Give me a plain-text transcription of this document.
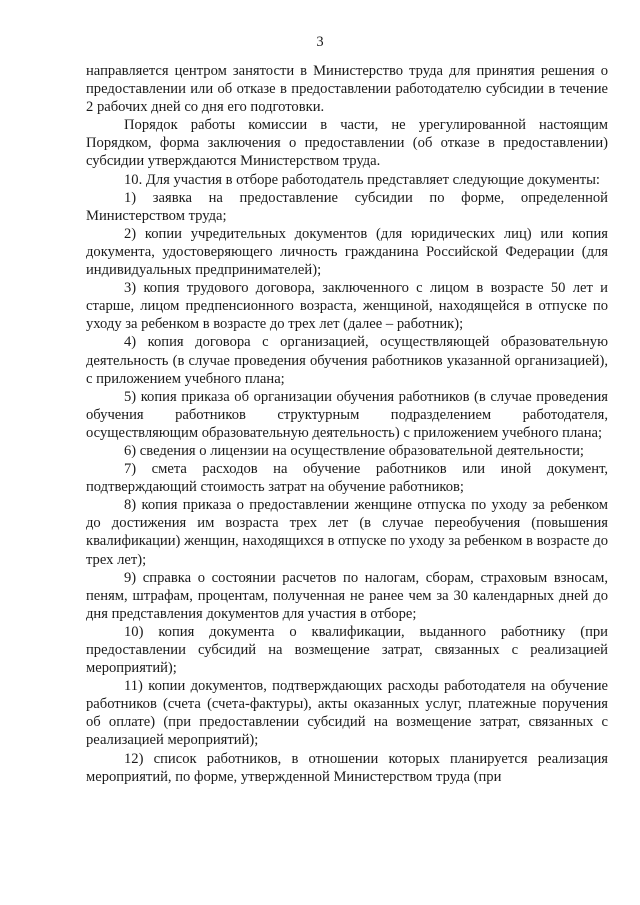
3

направляется центром занятости в Министерство труда для принятия решения о предоставлении или об отказе в предоставлении работодателю субсидии в течение 2 рабочих дней со дня его подготовки.

Порядок работы комиссии в части, не урегулированной настоящим Порядком, форма заключения о предоставлении (об отказе в предоставлении) субсидии утверждаются Министерством труда.

10. Для участия в отборе работодатель представляет следующие документы:

1) заявка на предоставление субсидии по форме, определенной Министерством труда;

2) копии учредительных документов (для юридических лиц) или копия документа, удостоверяющего личность гражданина Российской Федерации (для индивидуальных предпринимателей);

3) копия трудового договора, заключенного с лицом в возрасте 50 лет и старше, лицом предпенсионного возраста, женщиной, находящейся в отпуске по уходу за ребенком в возрасте до трех лет (далее – работник);

4) копия договора с организацией, осуществляющей образовательную деятельность (в случае проведения обучения работников указанной организацией), с приложением учебного плана;

5) копия приказа об организации обучения работников (в случае проведения обучения работников структурным подразделением работодателя, осуществляющим образовательную деятельность) с приложением учебного плана;

6) сведения о лицензии на осуществление образовательной деятельности;

7) смета расходов на обучение работников или иной документ, подтверждающий стоимость затрат на обучение работников;

8) копия приказа о предоставлении женщине отпуска по уходу за ребенком до достижения им возраста трех лет (в случае переобучения (повышения квалификации) женщин, находящихся в отпуске по уходу за ребенком в возрасте до трех лет);

9) справка о состоянии расчетов по налогам, сборам, страховым взносам, пеням, штрафам, процентам, полученная не ранее чем за 30 календарных дней до дня представления документов для участия в отборе;

10) копия документа о квалификации, выданного работнику (при предоставлении субсидий на возмещение затрат, связанных с реализацией мероприятий);

11) копии документов, подтверждающих расходы работодателя на обучение работников (счета (счета-фактуры), акты оказанных услуг, платежные поручения об оплате) (при предоставлении субсидий на возмещение затрат, связанных с реализацией мероприятий);

12) список работников, в отношении которых планируется реализация мероприятий, по форме, утвержденной Министерством труда (при
